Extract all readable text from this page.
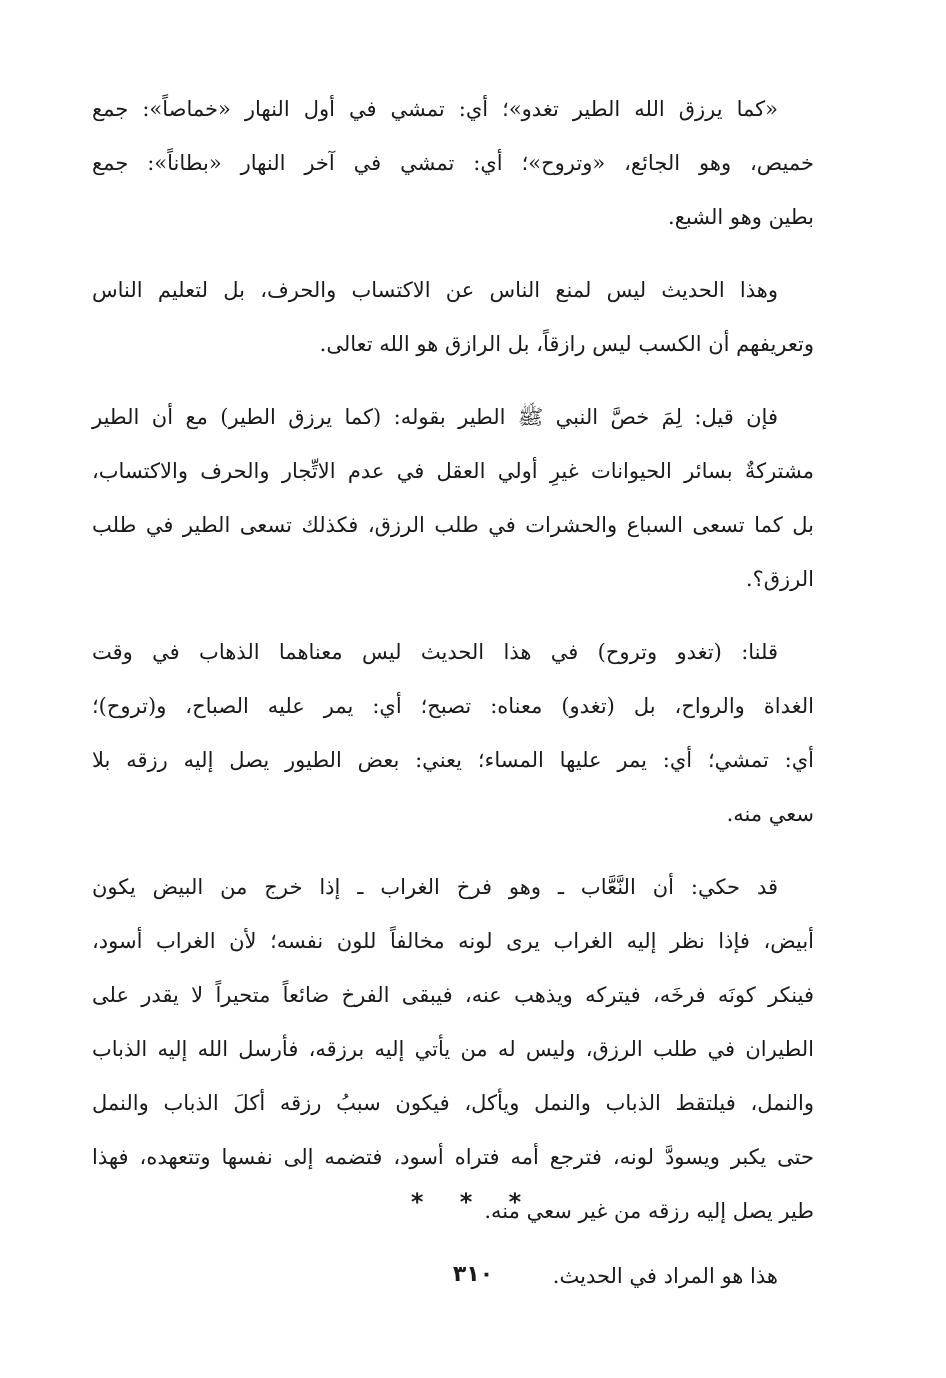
«كما يرزق الله الطير تغدو»؛ أي: تمشي في أول النهار «خماصاً»: جمع
خميص، وهو الجائع، «وتروح»؛ أي: تمشي في آخر النهار «بطاناً»: جمع
بطين وهو الشبع.
وهذا الحديث ليس لمنع الناس عن الاكتساب والحرف، بل لتعليم الناس
وتعريفهم أن الكسب ليس رازقاً، بل الرازق هو الله تعالى.
فإن قيل: لِمَ خصَّ النبي ﷺ الطير بقوله: (كما يرزق الطير) مع أن الطير
مشتركةٌ بسائر الحيوانات غيرِ أولي العقل في عدم الاتِّجار والحرف والاكتساب،
بل كما تسعى السباع والحشرات في طلب الرزق، فكذلك تسعى الطير في طلب
الرزق؟.
قلنا: (تغدو وتروح) في هذا الحديث ليس معناهما الذهاب في وقت
الغداة والرواح، بل (تغدو) معناه: تصبح؛ أي: يمر عليه الصباح، و(تروح)؛
أي: تمشي؛ أي: يمر عليها المساء؛ يعني: بعض الطيور يصل إليه رزقه بلا
سعي منه.
قد حكي: أن النَّعَّاب ـ وهو فرخ الغراب ـ إذا خرج من البيض يكون
أبيض، فإذا نظر إليه الغراب يرى لونه مخالفاً للون نفسه؛ لأن الغراب أسود،
فينكر كونَه فرخَه، فيتركه ويذهب عنه، فيبقى الفرخ ضائعاً متحيراً لا يقدر على
الطيران في طلب الرزق، وليس له من يأتي إليه برزقه، فأرسل الله إليه الذباب
والنمل، فيلتقط الذباب والنمل ويأكل، فيكون سببُ رزقه أكلَ الذباب والنمل
حتى يكبر ويسودَّ لونه، فترجع أمه فتراه أسود، فتضمه إلى نفسها وتتعهده، فهذا
طير يصل إليه رزقه من غير سعي منه.
هذا هو المراد في الحديث.
* * *
٣١٠
